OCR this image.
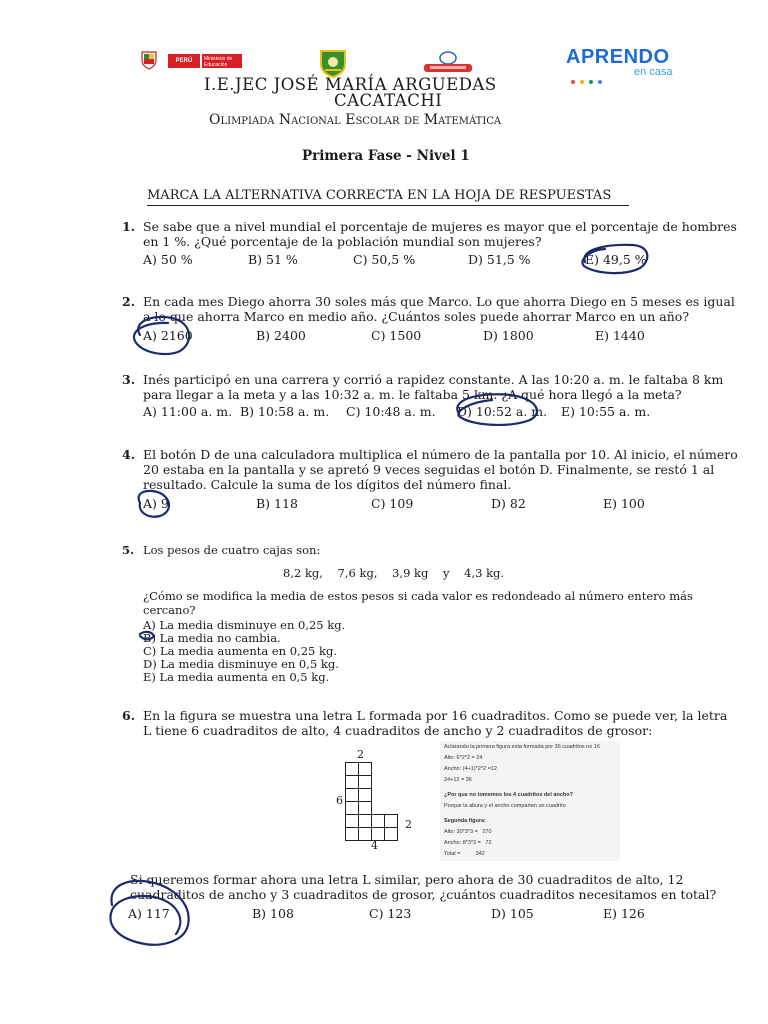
PERÚ	Ministerio de Educación	APRENDO
en casa
I.E.JEC JOSÉ MARÍA ARGUEDAS
CACATACHI
Olimpiada Nacional Escolar de Matemática
Primera Fase - Nivel 1
MARCA LA ALTERNATIVA CORRECTA EN LA HOJA DE RESPUESTAS
1. Se sabe que a nivel mundial el porcentaje de mujeres es mayor que el porcentaje de hombres
en 1 %. ¿Qué porcentaje de la población mundial son mujeres?
A) 50 %	B) 51 %	C) 50,5 %	D) 51,5 %	E) 49,5 %
2. En cada mes Diego ahorra 30 soles más que Marco. Lo que ahorra Diego en 5 meses es igual
a lo que ahorra Marco en medio año. ¿Cuántos soles puede ahorrar Marco en un año?
A) 2160	B) 2400	C) 1500	D) 1800	E) 1440
3. Inés participó en una carrera y corrió a rapidez constante. A las 10:20 a. m. le faltaba 8 km
para llegar a la meta y a las 10:32 a. m. le faltaba 5 km. ¿A qué hora llegó a la meta?
A) 11:00 a. m. B) 10:58 a. m. C) 10:48 a. m. D) 10:52 a. m. E) 10:55 a. m.
4. El botón D de una calculadora multiplica el número de la pantalla por 10. Al inicio, el número
20 estaba en la pantalla y se apretó 9 veces seguidas el botón D. Finalmente, se restó 1 al
resultado. Calcule la suma de los dígitos del número final.
A) 9	B) 118	C) 109	D) 82	E) 100
5. Los pesos de cuatro cajas son:
8,2 kg,    7,6 kg,    3,9 kg    y    4,3 kg.
¿Cómo se modifica la media de estos pesos si cada valor es redondeado al número entero más
cercano?
A) La media disminuye en 0,25 kg.
B) La media no cambia.
C) La media aumenta en 0,25 kg.
D) La media disminuye en 0,5 kg.
E) La media aumenta en 0,5 kg.
6. En la figura se muestra una letra L formada por 16 cuadraditos. Como se puede ver, la letra
L tiene 6 cuadraditos de alto, 4 cuadraditos de ancho y 2 cuadraditos de grosor:
2
6
2
4
Aclarando la primera figura esta formada por 36 cuadritos no 16
Alto: 6*2*2 = 24
Ancho: (4+1)*2*2 =12
24+12 = 36
¿Por que no tomemos los 4 cuadritos del ancho?
Porque la altura y el ancho comparten un cuadrito
Segunda figura:
Alto: 30*3*3 =   270
Ancho: 8*3*3 =   72
Total =          342
Si queremos formar ahora una letra L similar, pero ahora de 30 cuadraditos de alto, 12
cuadraditos de ancho y 3 cuadraditos de grosor, ¿cuántos cuadraditos necesitamos en total?
A) 117	B) 108	C) 123	D) 105	E) 126
